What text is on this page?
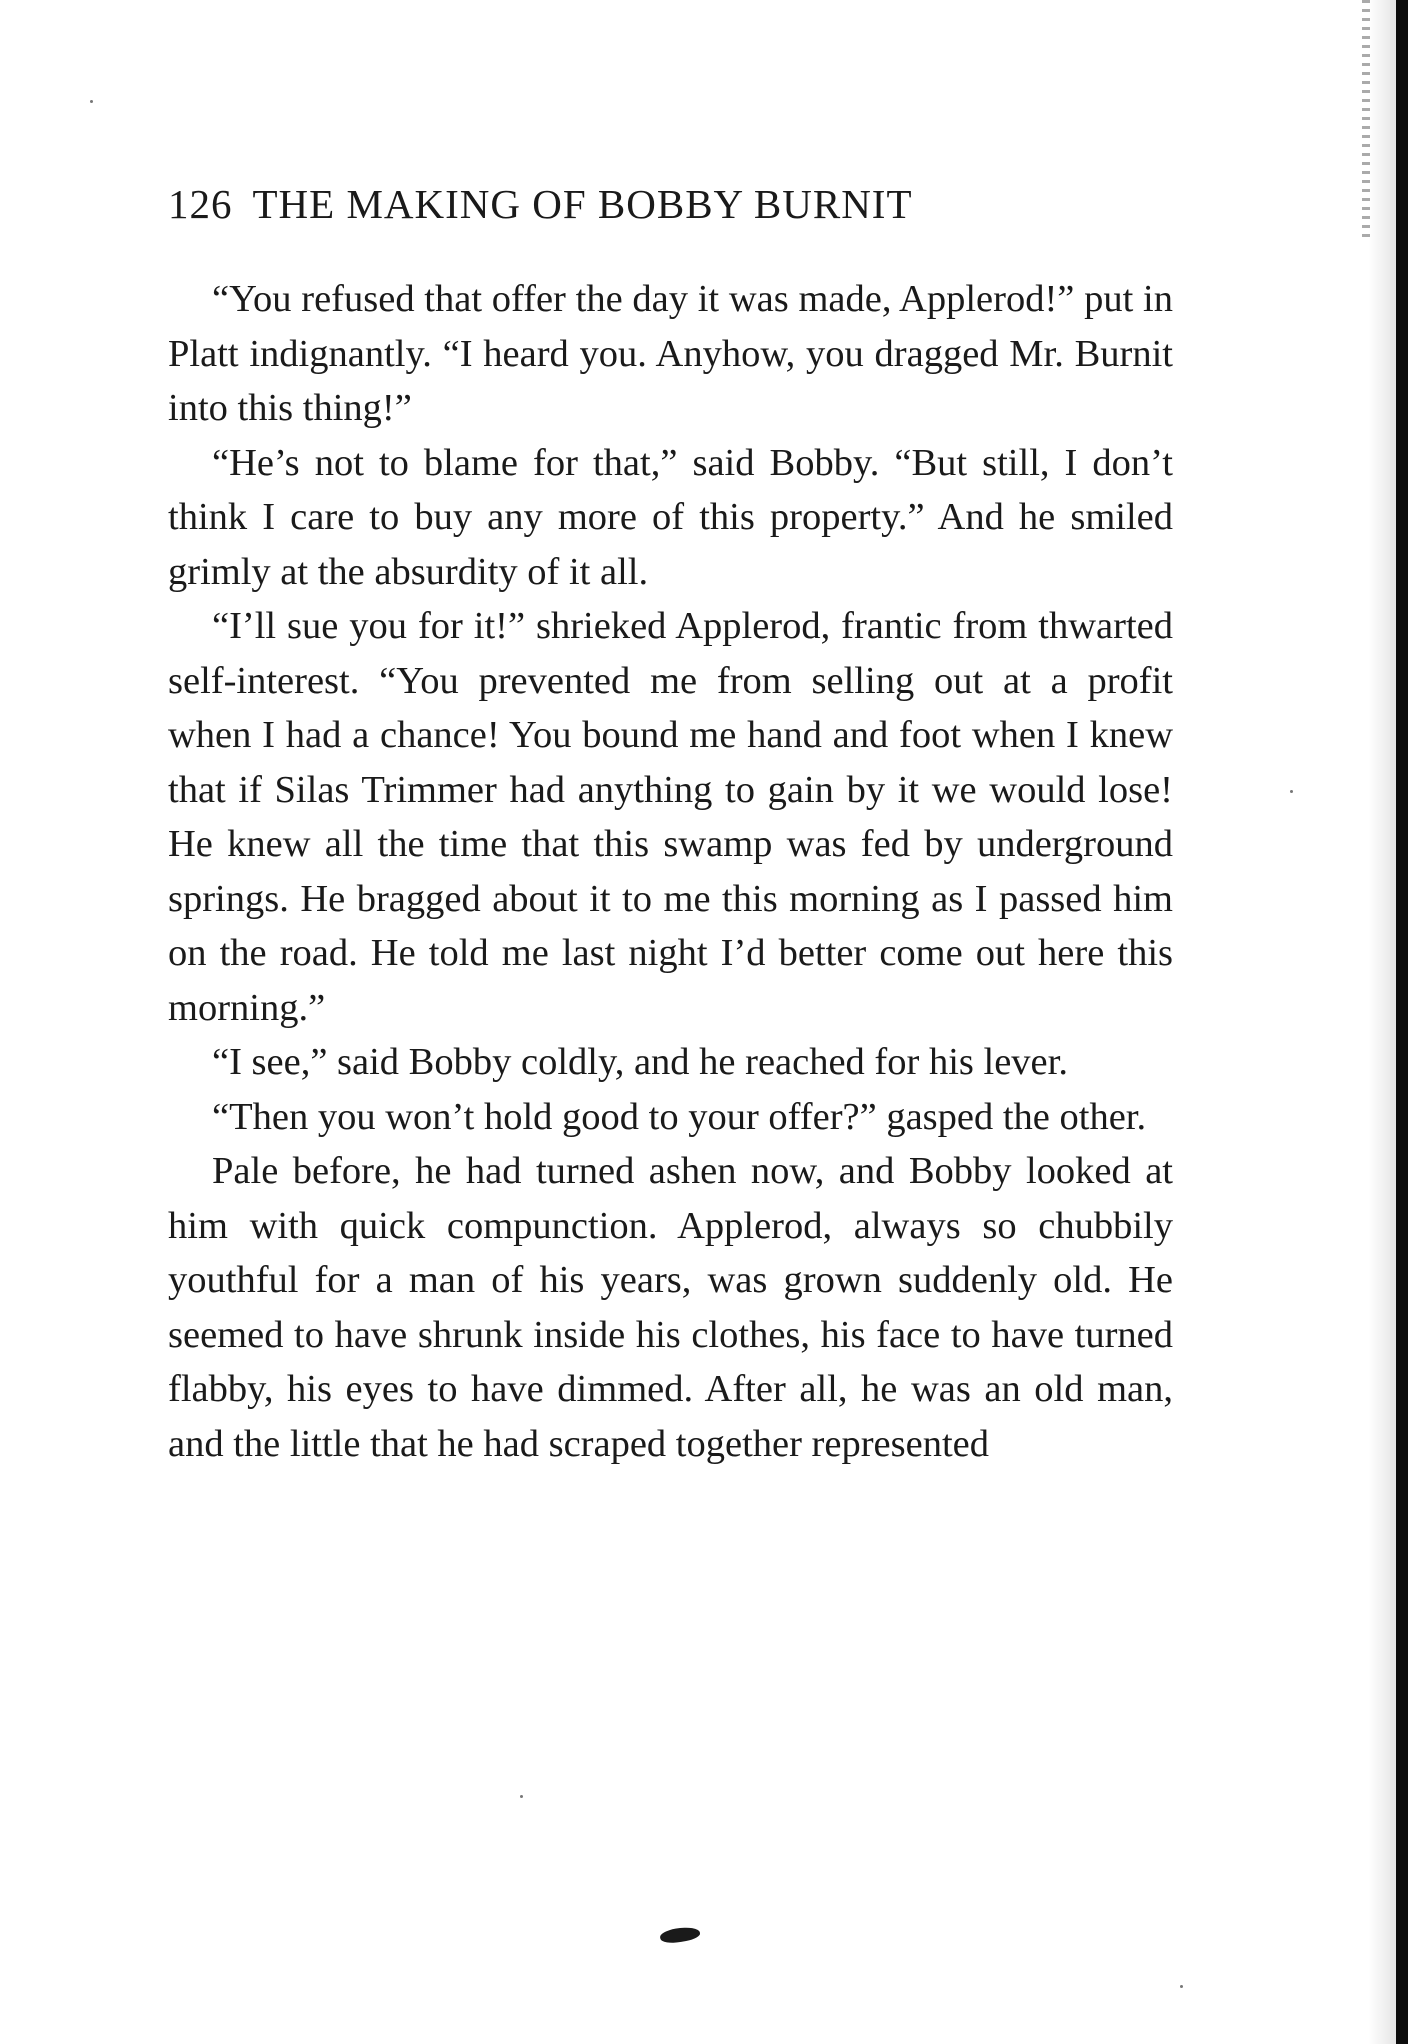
126 THE MAKING OF BOBBY BURNIT

“You refused that offer the day it was made, Applerod!” put in Platt indignantly. “I heard you. Anyhow, you dragged Mr. Burnit into this thing!”

“He’s not to blame for that,” said Bobby. “But still, I don’t think I care to buy any more of this property.” And he smiled grimly at the absurdity of it all.

“I’ll sue you for it!” shrieked Applerod, frantic from thwarted self-interest. “You prevented me from selling out at a profit when I had a chance! You bound me hand and foot when I knew that if Silas Trimmer had anything to gain by it we would lose! He knew all the time that this swamp was fed by underground springs. He bragged about it to me this morning as I passed him on the road. He told me last night I’d better come out here this morning.”

“I see,” said Bobby coldly, and he reached for his lever.

“Then you won’t hold good to your offer?” gasped the other.

Pale before, he had turned ashen now, and Bobby looked at him with quick compunction. Applerod, always so chubbily youthful for a man of his years, was grown suddenly old. He seemed to have shrunk inside his clothes, his face to have turned flabby, his eyes to have dimmed. After all, he was an old man, and the little that he had scraped together represented
